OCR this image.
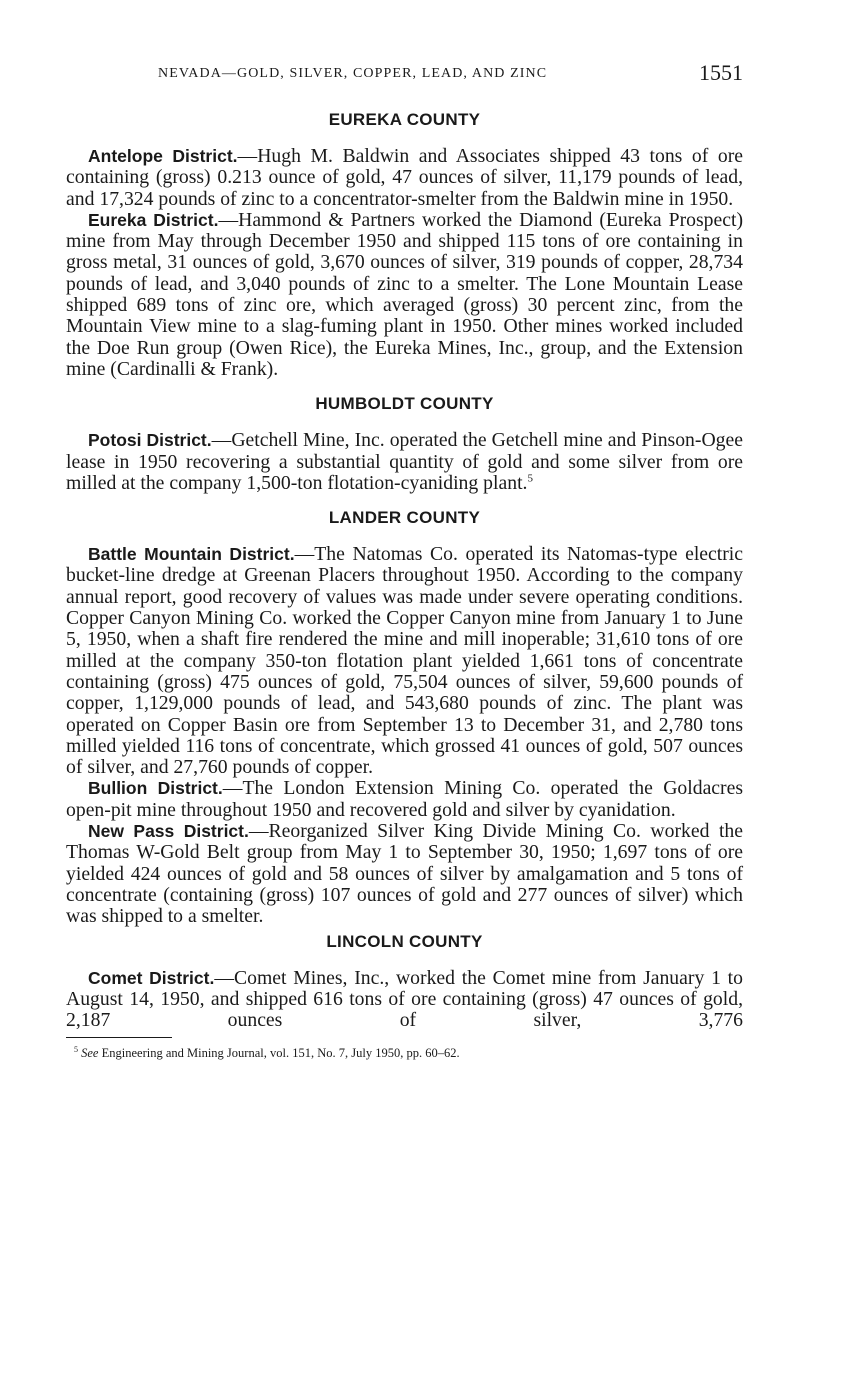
NEVADA—GOLD, SILVER, COPPER, LEAD, AND ZINC	1551
EUREKA COUNTY

Antelope District.—Hugh M. Baldwin and Associates shipped 43 tons of ore containing (gross) 0.213 ounce of gold, 47 ounces of silver, 11,179 pounds of lead, and 17,324 pounds of zinc to a concentrator-smelter from the Baldwin mine in 1950.

Eureka District.—Hammond & Partners worked the Diamond (Eureka Prospect) mine from May through December 1950 and shipped 115 tons of ore containing in gross metal, 31 ounces of gold, 3,670 ounces of silver, 319 pounds of copper, 28,734 pounds of lead, and 3,040 pounds of zinc to a smelter. The Lone Mountain Lease shipped 689 tons of zinc ore, which averaged (gross) 30 percent zinc, from the Mountain View mine to a slag-fuming plant in 1950. Other mines worked included the Doe Run group (Owen Rice), the Eureka Mines, Inc., group, and the Extension mine (Cardinalli & Frank).

HUMBOLDT COUNTY

Potosi District.—Getchell Mine, Inc. operated the Getchell mine and Pinson-Ogee lease in 1950 recovering a substantial quantity of gold and some silver from ore milled at the company 1,500-ton flotation-cyaniding plant.$^5$

LANDER COUNTY

Battle Mountain District.—The Natomas Co. operated its Natomas-type electric bucket-line dredge at Greenan Placers throughout 1950. According to the company annual report, good recovery of values was made under severe operating conditions. Copper Canyon Mining Co. worked the Copper Canyon mine from January 1 to June 5, 1950, when a shaft fire rendered the mine and mill inoperable; 31,610 tons of ore milled at the company 350-ton flotation plant yielded 1,661 tons of concentrate containing (gross) 475 ounces of gold, 75,504 ounces of silver, 59,600 pounds of copper, 1,129,000 pounds of lead, and 543,680 pounds of zinc. The plant was operated on Copper Basin ore from September 13 to December 31, and 2,780 tons milled yielded 116 tons of concentrate, which grossed 41 ounces of gold, 507 ounces of silver, and 27,760 pounds of copper.

Bullion District.—The London Extension Mining Co. operated the Goldacres open-pit mine throughout 1950 and recovered gold and silver by cyanidation.

New Pass District.—Reorganized Silver King Divide Mining Co. worked the Thomas W-Gold Belt group from May 1 to September 30, 1950; 1,697 tons of ore yielded 424 ounces of gold and 58 ounces of silver by amalgamation and 5 tons of concentrate (containing (gross) 107 ounces of gold and 277 ounces of silver) which was shipped to a smelter.

LINCOLN COUNTY

Comet District.—Comet Mines, Inc., worked the Comet mine from January 1 to August 14, 1950, and shipped 616 tons of ore containing (gross) 47 ounces of gold, 2,187 ounces of silver, 3,776

$^5$ See Engineering and Mining Journal, vol. 151, No. 7, July 1950, pp. 60–62.
